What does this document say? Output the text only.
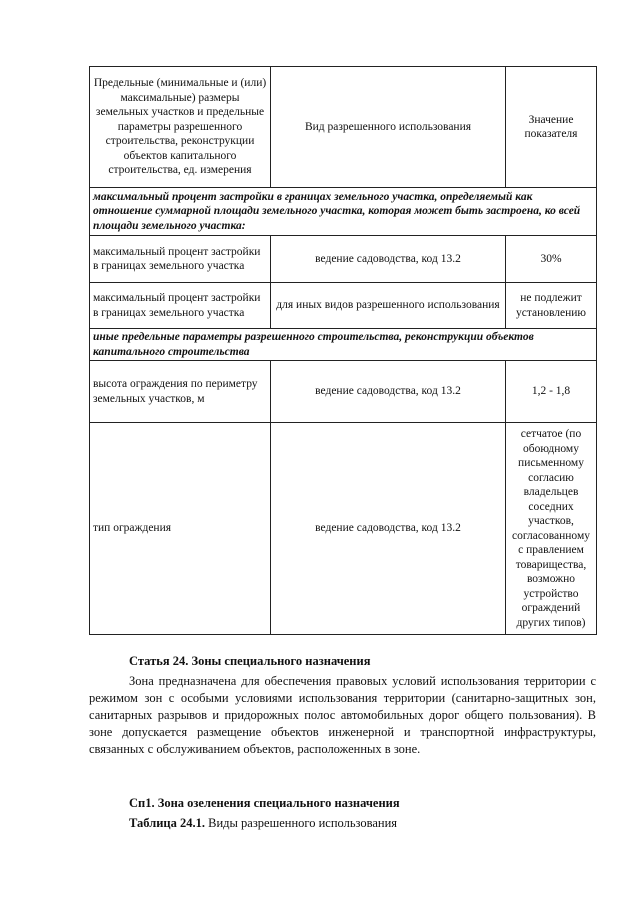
Предельные (минимальные и (или) максимальные) размеры земельных участков и предельные параметры разрешенного строительства, реконструкции объектов капитального строительства, ед. измерения	Вид разрешенного использования	Значение показателя
максимальный процент застройки в границах земельного участка, определяемый как отношение суммарной площади земельного участка, которая может быть застроена, ко всей площади земельного участка:		
максимальный процент застройки в границах земельного участка	ведение садоводства, код 13.2	30%
максимальный процент застройки в границах земельного участка	для иных видов разрешенного использования	не подлежит установлению
иные предельные параметры разрешенного строительства, реконструкции объектов капитального строительства		
высота ограждения по периметру земельных участков, м	ведение садоводства, код 13.2	1,2 - 1,8
тип ограждения	ведение садоводства, код 13.2	сетчатое (по обоюдному письменному согласию владельцев соседних участков, согласованному с правлением товарищества, возможно устройство ограждений других типов)
Статья 24. Зоны специального назначения
Зона предназначена для обеспечения правовых условий использования территории с режимом зон с особыми условиями использования территории (санитарно-защитных зон, санитарных разрывов и придорожных полос автомобильных дорог общего пользования). В зоне допускается размещение объектов инженерной и транспортной инфраструктуры, связанных с обслуживанием объектов, расположенных в зоне.
Сп1. Зона озеленения специального назначения
Таблица 24.1. Виды разрешенного использования
